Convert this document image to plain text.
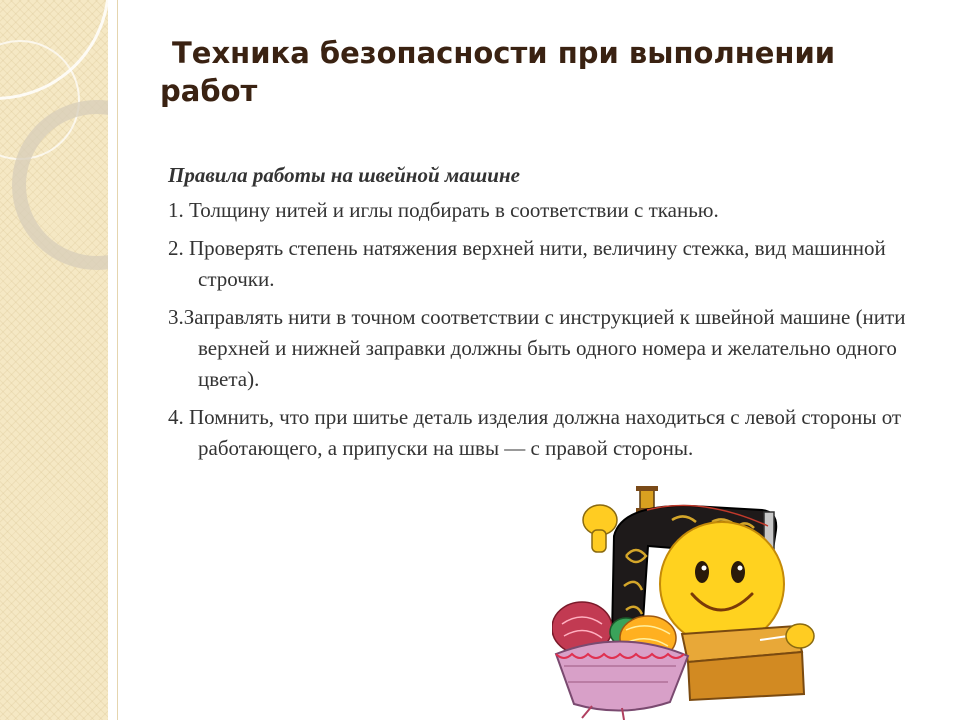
Техника безопасности при выполнении работ

Правила работы на швейной машине

1. Толщину нитей и иглы подбирать в соответствии с тканью.

2. Проверять степень натяжения верхней нити, величину стежка, вид машинной строчки.

3.Заправлять нити в точном соответствии с инструкцией к швейной машине (нити верхней и нижней заправки должны быть одного номера и желательно одного цвета).

4. Помнить, что при шитье деталь изделия должна находиться с левой стороны от работающего, а припуски на швы — с правой стороны.
